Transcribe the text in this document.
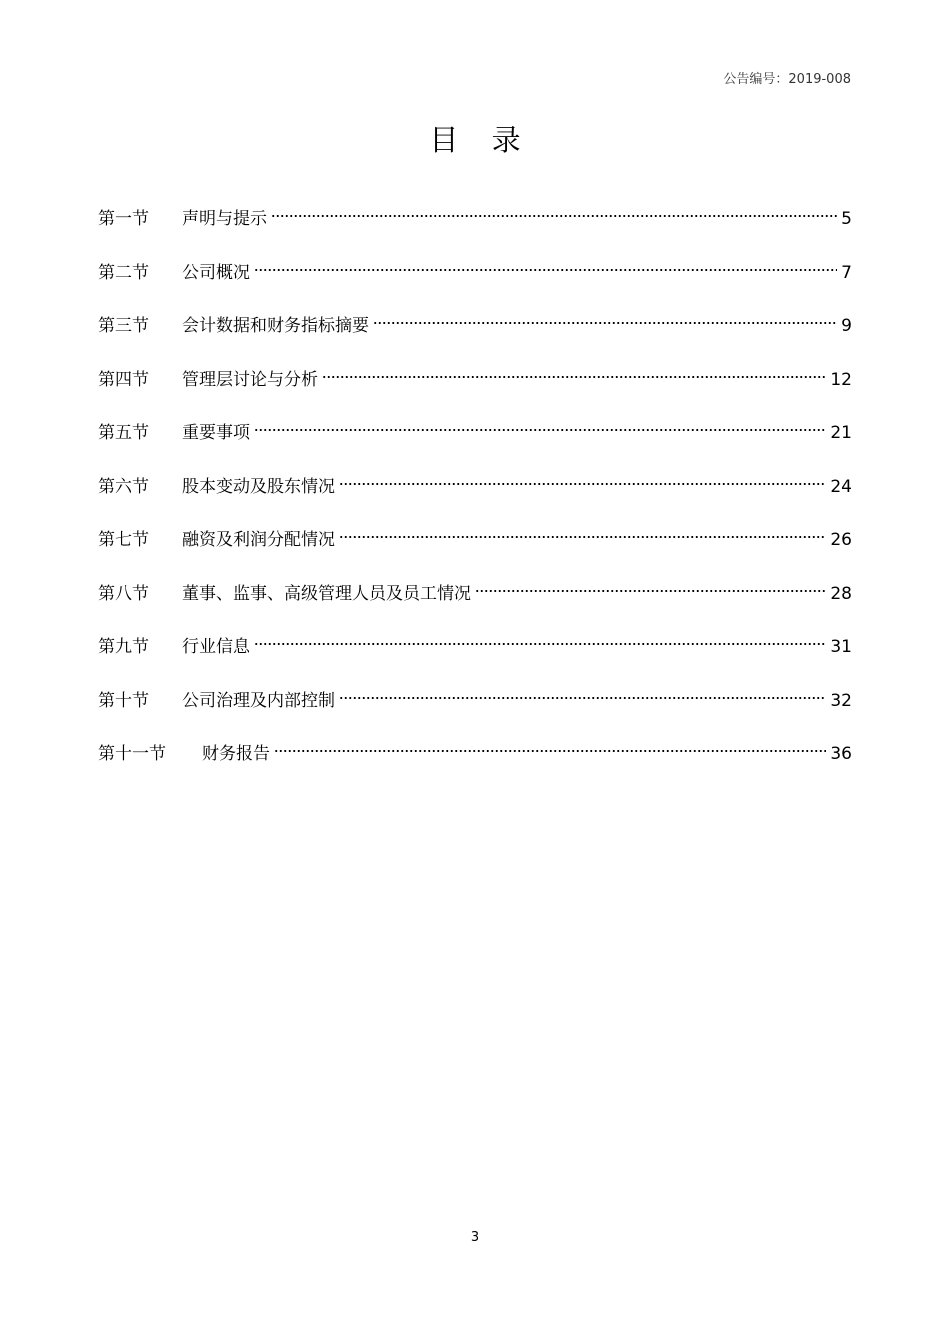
公告编号：2019-008
目 录
第一节	声明与提示	5
第二节	公司概况	7
第三节	会计数据和财务指标摘要	9
第四节	管理层讨论与分析	12
第五节	重要事项	21
第六节	股本变动及股东情况	24
第七节	融资及利润分配情况	26
第八节	董事、监事、高级管理人员及员工情况	28
第九节	行业信息	31
第十节	公司治理及内部控制	32
第十一节	财务报告	36
3
